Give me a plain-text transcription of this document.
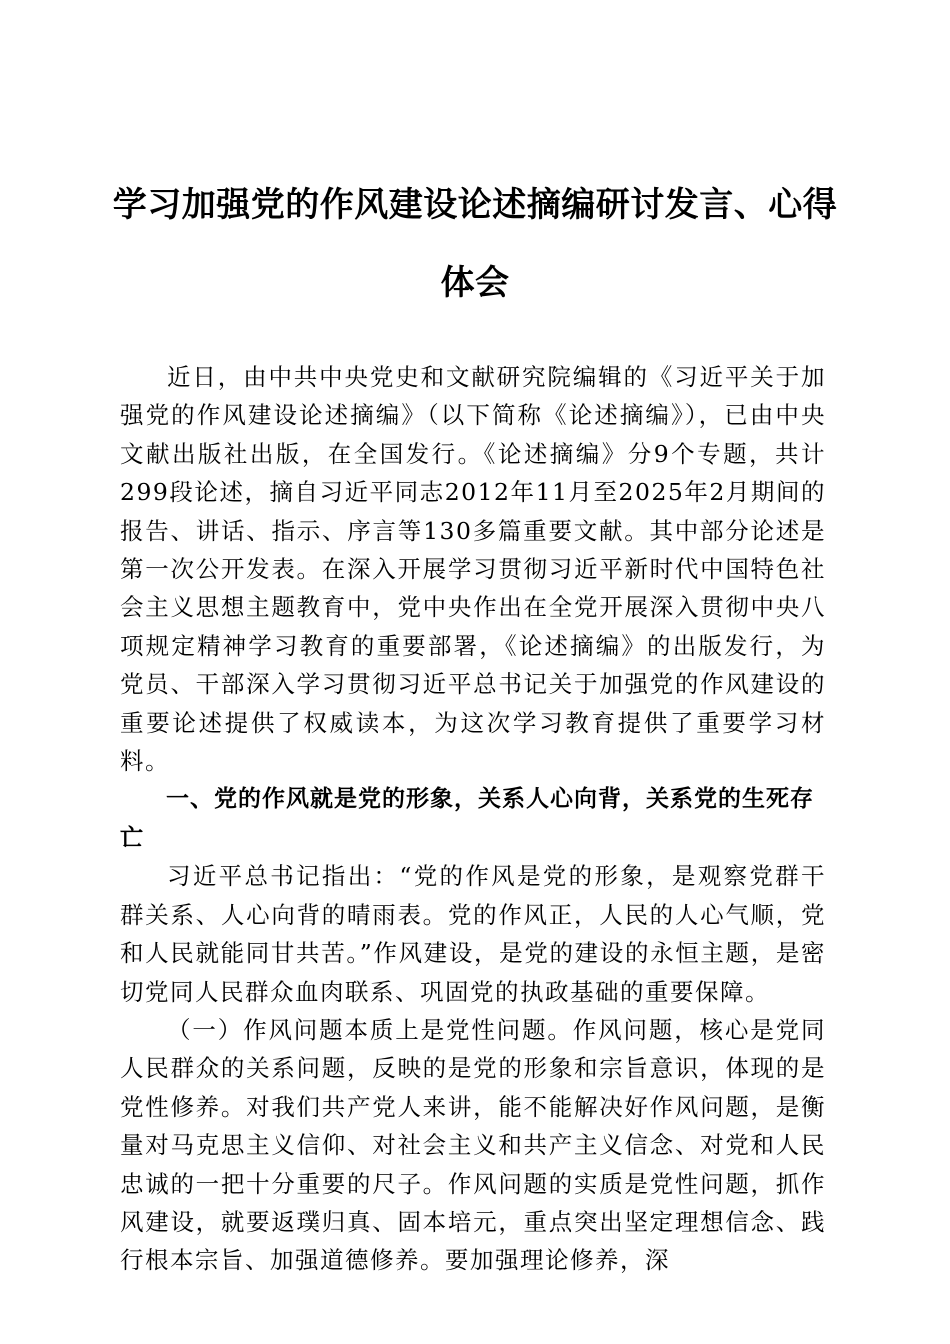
学习加强党的作风建设论述摘编研讨发言、心得体会

近日，由中共中央党史和文献研究院编辑的《习近平关于加强党的作风建设论述摘编》（以下简称《论述摘编》），已由中央文献出版社出版，在全国发行。《论述摘编》分9个专题，共计299段论述，摘自习近平同志2012年11月至2025年2月期间的报告、讲话、指示、序言等130多篇重要文献。其中部分论述是第一次公开发表。在深入开展学习贯彻习近平新时代中国特色社会主义思想主题教育中，党中央作出在全党开展深入贯彻中央八项规定精神学习教育的重要部署，《论述摘编》的出版发行，为党员、干部深入学习贯彻习近平总书记关于加强党的作风建设的重要论述提供了权威读本，为这次学习教育提供了重要学习材料。

一、党的作风就是党的形象，关系人心向背，关系党的生死存亡

习近平总书记指出：“党的作风是党的形象，是观察党群干群关系、人心向背的晴雨表。党的作风正，人民的人心气顺，党和人民就能同甘共苦。”作风建设，是党的建设的永恒主题，是密切党同人民群众血肉联系、巩固党的执政基础的重要保障。

（一）作风问题本质上是党性问题。作风问题，核心是党同人民群众的关系问题，反映的是党的形象和宗旨意识，体现的是党性修养。对我们共产党人来讲，能不能解决好作风问题，是衡量对马克思主义信仰、对社会主义和共产主义信念、对党和人民忠诚的一把十分重要的尺子。作风问题的实质是党性问题，抓作风建设，就要返璞归真、固本培元，重点突出坚定理想信念、践行根本宗旨、加强道德修养。要加强理论修养，深
